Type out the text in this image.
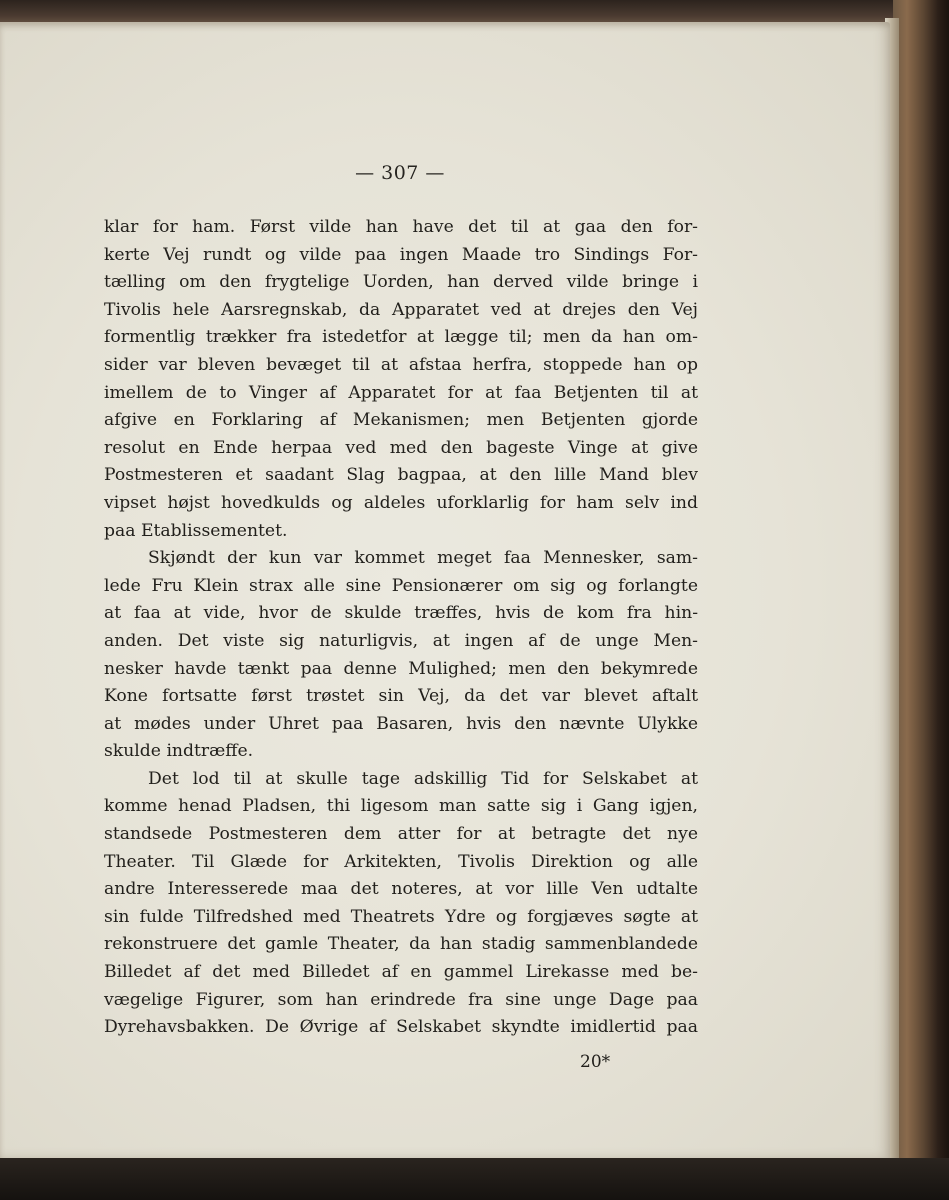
— 307 —
klar for ham. Først vilde han have det til at gaa den for-
kerte Vej rundt og vilde paa ingen Maade tro Sindings For-
tælling om den frygtelige Uorden, han derved vilde bringe i
Tivolis hele Aarsregnskab, da Apparatet ved at drejes den Vej
formentlig trækker fra istedetfor at lægge til; men da han om-
sider var bleven bevæget til at afstaa herfra, stoppede han op
imellem de to Vinger af Apparatet for at faa Betjenten til at
afgive en Forklaring af Mekanismen; men Betjenten gjorde
resolut en Ende herpaa ved med den bageste Vinge at give
Postmesteren et saadant Slag bagpaa, at den lille Mand blev
vipset højst hovedkulds og aldeles uforklarlig for ham selv ind
paa Etablissementet.
Skjøndt der kun var kommet meget faa Mennesker, sam-
lede Fru Klein strax alle sine Pensionærer om sig og forlangte
at faa at vide, hvor de skulde træffes, hvis de kom fra hin-
anden. Det viste sig naturligvis, at ingen af de unge Men-
nesker havde tænkt paa denne Mulighed; men den bekymrede
Kone fortsatte først trøstet sin Vej, da det var blevet aftalt
at mødes under Uhret paa Basaren, hvis den nævnte Ulykke
skulde indtræffe.
Det lod til at skulle tage adskillig Tid for Selskabet at
komme henad Pladsen, thi ligesom man satte sig i Gang igjen,
standsede Postmesteren dem atter for at betragte det nye
Theater. Til Glæde for Arkitekten, Tivolis Direktion og alle
andre Interesserede maa det noteres, at vor lille Ven udtalte
sin fulde Tilfredshed med Theatrets Ydre og forgjæves søgte at
rekonstruere det gamle Theater, da han stadig sammenblandede
Billedet af det med Billedet af en gammel Lirekasse med be-
vægelige Figurer, som han erindrede fra sine unge Dage paa
Dyrehavsbakken. De Øvrige af Selskabet skyndte imidlertid paa
20*
